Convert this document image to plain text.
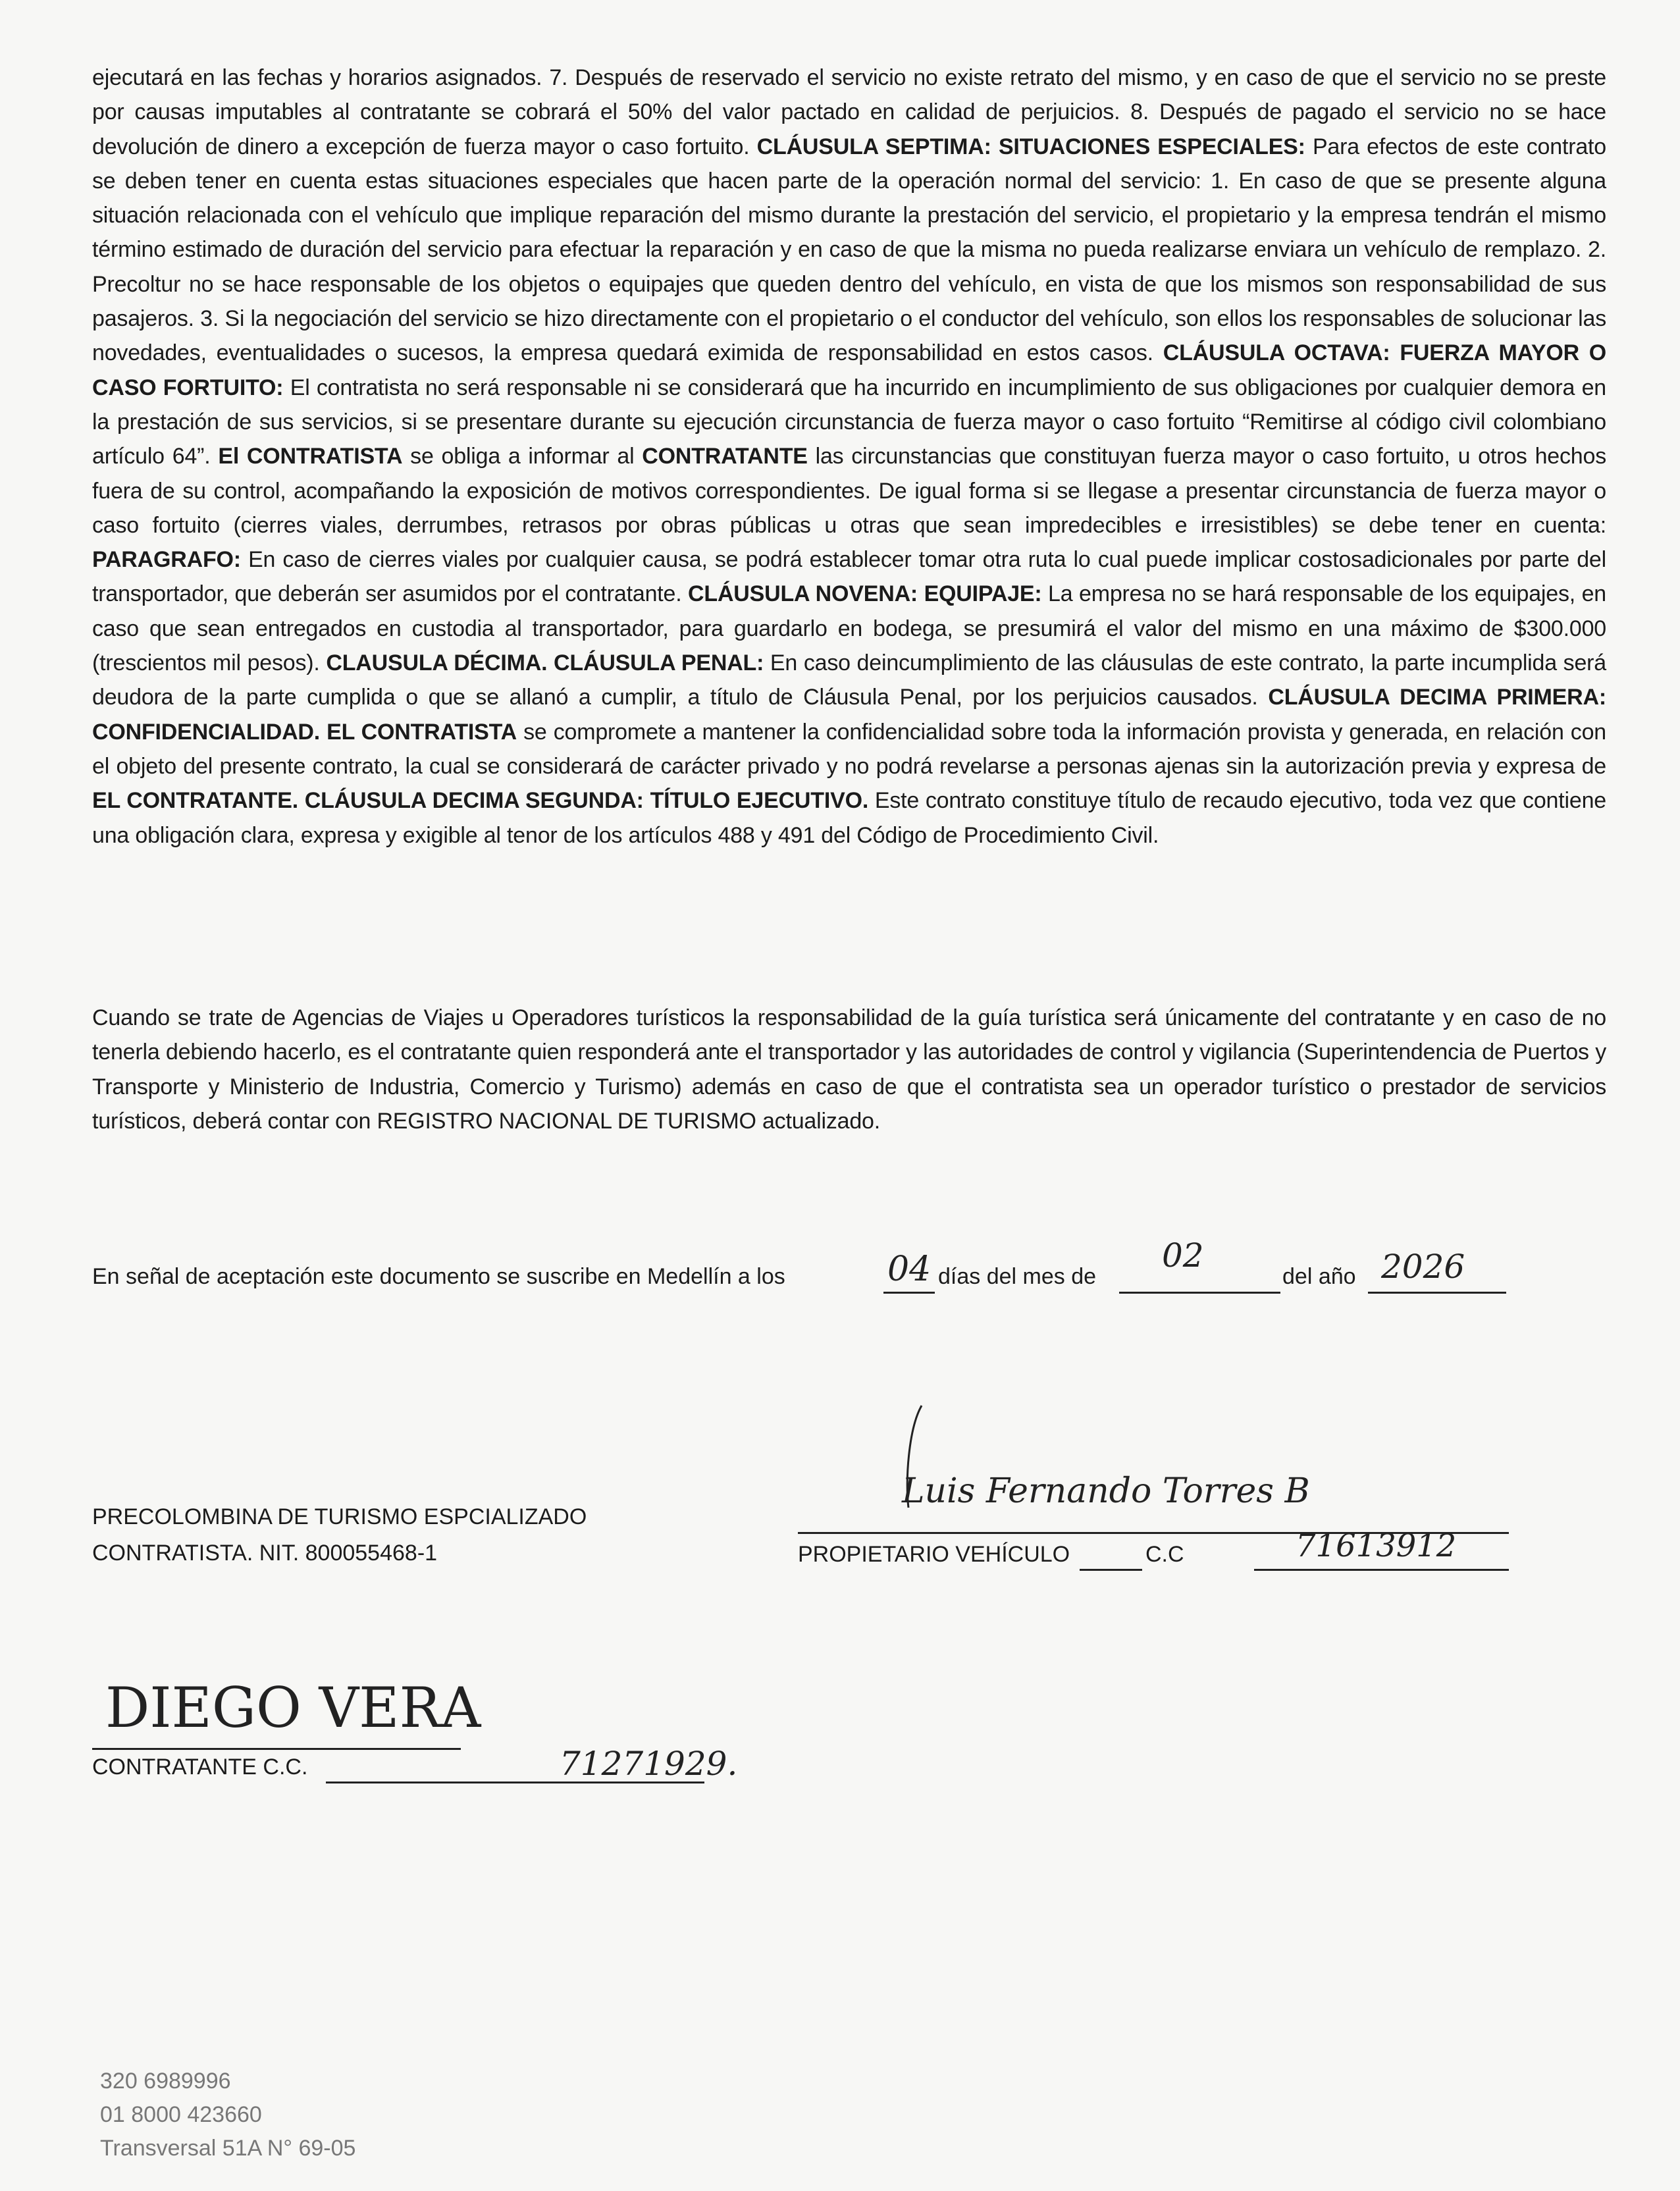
ejecutará en las fechas y horarios asignados. 7. Después de reservado el servicio no existe retrato del mismo, y en caso de que el servicio no se preste por causas imputables al contratante se cobrará el 50% del valor pactado en calidad de perjuicios. 8. Después de pagado el servicio no se hace devolución de dinero a excepción de fuerza mayor o caso fortuito. CLÁUSULA SEPTIMA: SITUACIONES ESPECIALES: Para efectos de este contrato se deben tener en cuenta estas situaciones especiales que hacen parte de la operación normal del servicio: 1. En caso de que se presente alguna situación relacionada con el vehículo que implique reparación del mismo durante la prestación del servicio, el propietario y la empresa tendrán el mismo término estimado de duración del servicio para efectuar la reparación y en caso de que la misma no pueda realizarse enviara un vehículo de remplazo. 2. Precoltur no se hace responsable de los objetos o equipajes que queden dentro del vehículo, en vista de que los mismos son responsabilidad de sus pasajeros. 3. Si la negociación del servicio se hizo directamente con el propietario o el conductor del vehículo, son ellos los responsables de solucionar las novedades, eventualidades o sucesos, la empresa quedará eximida de responsabilidad en estos casos. CLÁUSULA OCTAVA: FUERZA MAYOR O CASO FORTUITO: El contratista no será responsable ni se considerará que ha incurrido en incumplimiento de sus obligaciones por cualquier demora en la prestación de sus servicios, si se presentare durante su ejecución circunstancia de fuerza mayor o caso fortuito “Remitirse al código civil colombiano artículo 64”. El CONTRATISTA se obliga a informar al CONTRATANTE las circunstancias que constituyan fuerza mayor o caso fortuito, u otros hechos fuera de su control, acompañando la exposición de motivos correspondientes. De igual forma si se llegase a presentar circunstancia de fuerza mayor o caso fortuito (cierres viales, derrumbes, retrasos por obras públicas u otras que sean impredecibles e irresistibles) se debe tener en cuenta: PARAGRAFO: En caso de cierres viales por cualquier causa, se podrá establecer tomar otra ruta lo cual puede implicar costosadicionales por parte del transportador, que deberán ser asumidos por el contratante. CLÁUSULA NOVENA: EQUIPAJE: La empresa no se hará responsable de los equipajes, en caso que sean entregados en custodia al transportador, para guardarlo en bodega, se presumirá el valor del mismo en una máximo de $300.000 (trescientos mil pesos). CLAUSULA DÉCIMA. CLÁUSULA PENAL: En caso deincumplimiento de las cláusulas de este contrato, la parte incumplida será deudora de la parte cumplida o que se allanó a cumplir, a título de Cláusula Penal, por los perjuicios causados. CLÁUSULA DECIMA PRIMERA: CONFIDENCIALIDAD. EL CONTRATISTA se compromete a mantener la confidencialidad sobre toda la información provista y generada, en relación con el objeto del presente contrato, la cual se considerará de carácter privado y no podrá revelarse a personas ajenas sin la autorización previa y expresa de EL CONTRATANTE. CLÁUSULA DECIMA SEGUNDA: TÍTULO EJECUTIVO. Este contrato constituye título de recaudo ejecutivo, toda vez que contiene una obligación clara, expresa y exigible al tenor de los artículos 488 y 491 del Código de Procedimiento Civil.
Cuando se trate de Agencias de Viajes u Operadores turísticos la responsabilidad de la guía turística será únicamente del contratante y en caso de no tenerla debiendo hacerlo, es el contratante quien responderá ante el transportador y las autoridades de control y vigilancia (Superintendencia de Puertos y Transporte y Ministerio de Industria, Comercio y Turismo) además en caso de que el contratista sea un operador turístico o prestador de servicios turísticos, deberá contar con REGISTRO NACIONAL DE TURISMO actualizado.
En señal de aceptación este documento se suscribe en Medellín a los	04 días del mes de
02
del año 2026
PRECOLOMBINA DE TURISMO ESPCIALIZADO
CONTRATISTA. NIT. 800055468-1
Luis Fernando Torres B
PROPIETARIO VEHÍCULO	C.C	71613912
DIEGO VERA
CONTRATANTE C.C.	71271929.
320 6989996
01 8000 423660
Transversal 51A N° 69-05
